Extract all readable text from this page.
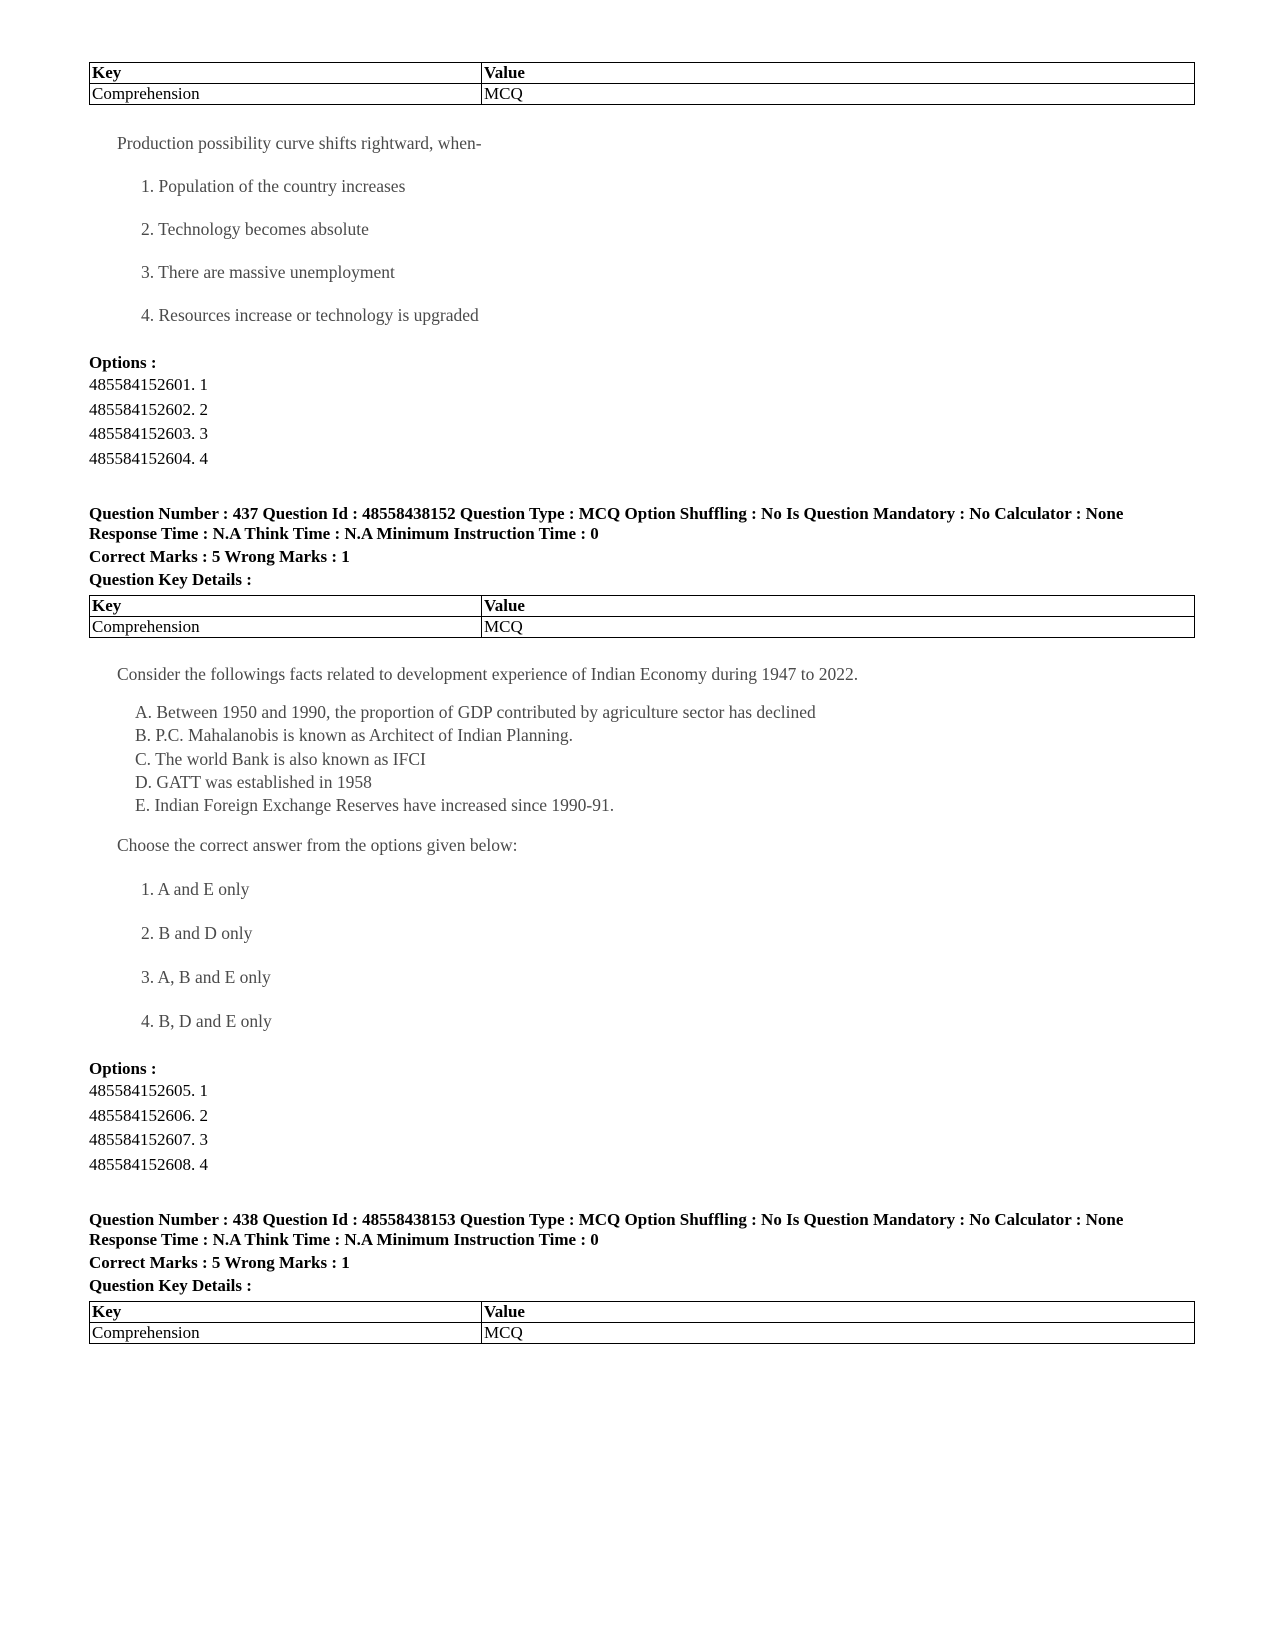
Key	Value
Comprehension	MCQ
Production possibility curve shifts rightward, when-
1. Population of the country increases
2. Technology becomes absolute
3. There are massive unemployment
4. Resources increase or technology is upgraded
Options :
485584152601. 1
485584152602. 2
485584152603. 3
485584152604. 4
Question Number : 437 Question Id : 48558438152 Question Type : MCQ Option Shuffling : No Is Question Mandatory : No Calculator : None
Response Time : N.A Think Time : N.A Minimum Instruction Time : 0
Correct Marks : 5 Wrong Marks : 1
Question Key Details :
Key	Value
Comprehension	MCQ
Consider the followings facts related to development experience of Indian Economy during 1947 to 2022.
A. Between 1950 and 1990, the proportion of GDP contributed by agriculture sector has declined
B. P.C. Mahalanobis is known as Architect of Indian Planning.
C. The world Bank is also known as IFCI
D. GATT was established in 1958
E. Indian Foreign Exchange Reserves have increased since 1990-91.
Choose the correct answer from the options given below:
1. A and E only
2. B and D only
3. A, B and E only
4. B, D and E only
Options :
485584152605. 1
485584152606. 2
485584152607. 3
485584152608. 4
Question Number : 438 Question Id : 48558438153 Question Type : MCQ Option Shuffling : No Is Question Mandatory : No Calculator : None
Response Time : N.A Think Time : N.A Minimum Instruction Time : 0
Correct Marks : 5 Wrong Marks : 1
Question Key Details :
Key	Value
Comprehension	MCQ
